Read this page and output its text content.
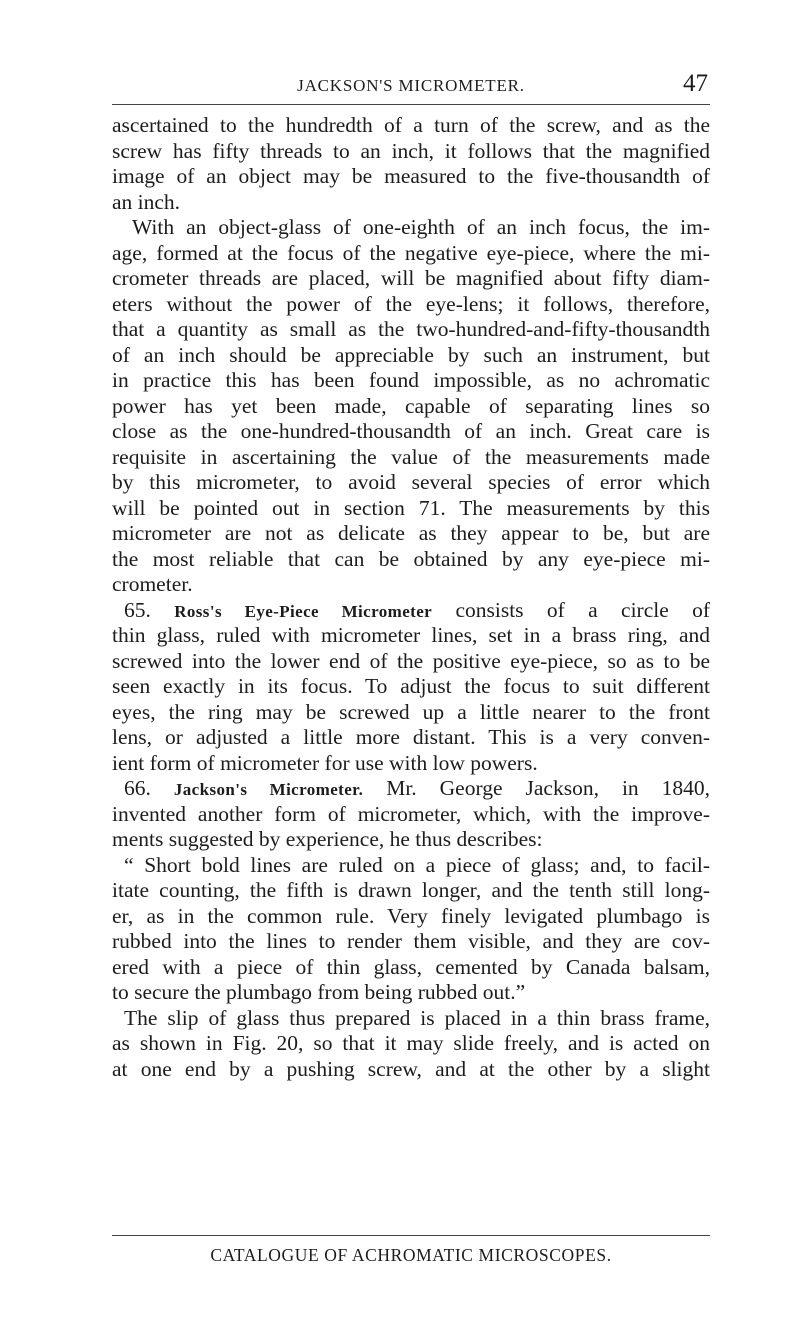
JACKSON'S MICROMETER.	47
ascertained to the hundredth of a turn of the screw, and as the
screw has fifty threads to an inch, it follows that the magnified
image of an object may be measured to the five-thousandth of
an inch.
With an object-glass of one-eighth of an inch focus, the im-
age, formed at the focus of the negative eye-piece, where the mi-
crometer threads are placed, will be magnified about fifty diam-
eters without the power of the eye-lens; it follows, therefore,
that a quantity as small as the two-hundred-and-fifty-thousandth
of an inch should be appreciable by such an instrument, but
in practice this has been found impossible, as no achromatic
power has yet been made, capable of separating lines so
close as the one-hundred-thousandth of an inch. Great care is
requisite in ascertaining the value of the measurements made
by this micrometer, to avoid several species of error which
will be pointed out in section 71. The measurements by this
micrometer are not as delicate as they appear to be, but are
the most reliable that can be obtained by any eye-piece mi-
crometer.
65. Ross's Eye-Piece Micrometer consists of a circle of
thin glass, ruled with micrometer lines, set in a brass ring, and
screwed into the lower end of the positive eye-piece, so as to be
seen exactly in its focus. To adjust the focus to suit different
eyes, the ring may be screwed up a little nearer to the front
lens, or adjusted a little more distant. This is a very conven-
ient form of micrometer for use with low powers.
66. Jackson's Micrometer. Mr. George Jackson, in 1840,
invented another form of micrometer, which, with the improve-
ments suggested by experience, he thus describes:
“ Short bold lines are ruled on a piece of glass; and, to facil-
itate counting, the fifth is drawn longer, and the tenth still long-
er, as in the common rule. Very finely levigated plumbago is
rubbed into the lines to render them visible, and they are cov-
ered with a piece of thin glass, cemented by Canada balsam,
to secure the plumbago from being rubbed out.”
The slip of glass thus prepared is placed in a thin brass frame,
as shown in Fig. 20, so that it may slide freely, and is acted on
at one end by a pushing screw, and at the other by a slight
CATALOGUE OF ACHROMATIC MICROSCOPES.
